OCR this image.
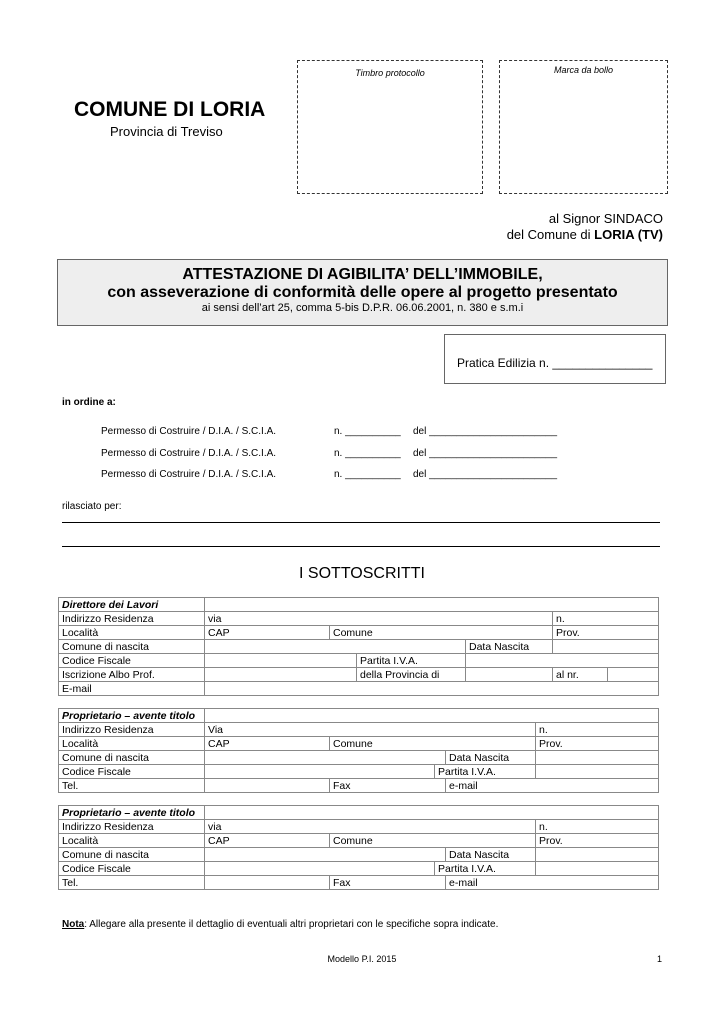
Timbro protocollo	Marca da bollo
COMUNE DI LORIA
Provincia di Treviso
al Signor SINDACO
del Comune di LORIA (TV)
ATTESTAZIONE DI AGIBILITA’ DELL’IMMOBILE,
con asseverazione di conformità delle opere al progetto presentato
ai sensi dell’art 25, comma 5-bis D.P.R. 06.06.2001, n. 380 e s.m.i
Pratica Edilizia n. _______________
in ordine a:
Permesso di Costruire / D.I.A. / S.C.I.A.	n. __________ del _______________________
Permesso di Costruire / D.I.A. / S.C.I.A.	n. __________ del _______________________
Permesso di Costruire / D.I.A. / S.C.I.A.	n. __________ del _______________________
rilasciato per:
I SOTTOSCRITTI
Direttore dei Lavori						
Indirizzo Residenza	via				n.	
Località	CAP	Comune			Prov.	
Comune di nascita				Data Nascita		
Codice Fiscale			Partita I.V.A.			
Iscrizione Albo Prof.			della Provincia di		al nr.	
E-mail						
Proprietario – avente titolo					
Indirizzo Residenza	Via				n.
Località	CAP	Comune			Prov.
Comune di nascita				Data Nascita	
Codice Fiscale			Partita I.V.A.		
Tel.		Fax		e-mail	
Proprietario – avente titolo					
Indirizzo Residenza	via				n.
Località	CAP	Comune			Prov.
Comune di nascita				Data Nascita	
Codice Fiscale			Partita I.V.A.		
Tel.		Fax		e-mail	
Nota: Allegare alla presente il dettaglio di eventuali altri proprietari con le specifiche sopra indicate.
Modello P.I. 2015	1
